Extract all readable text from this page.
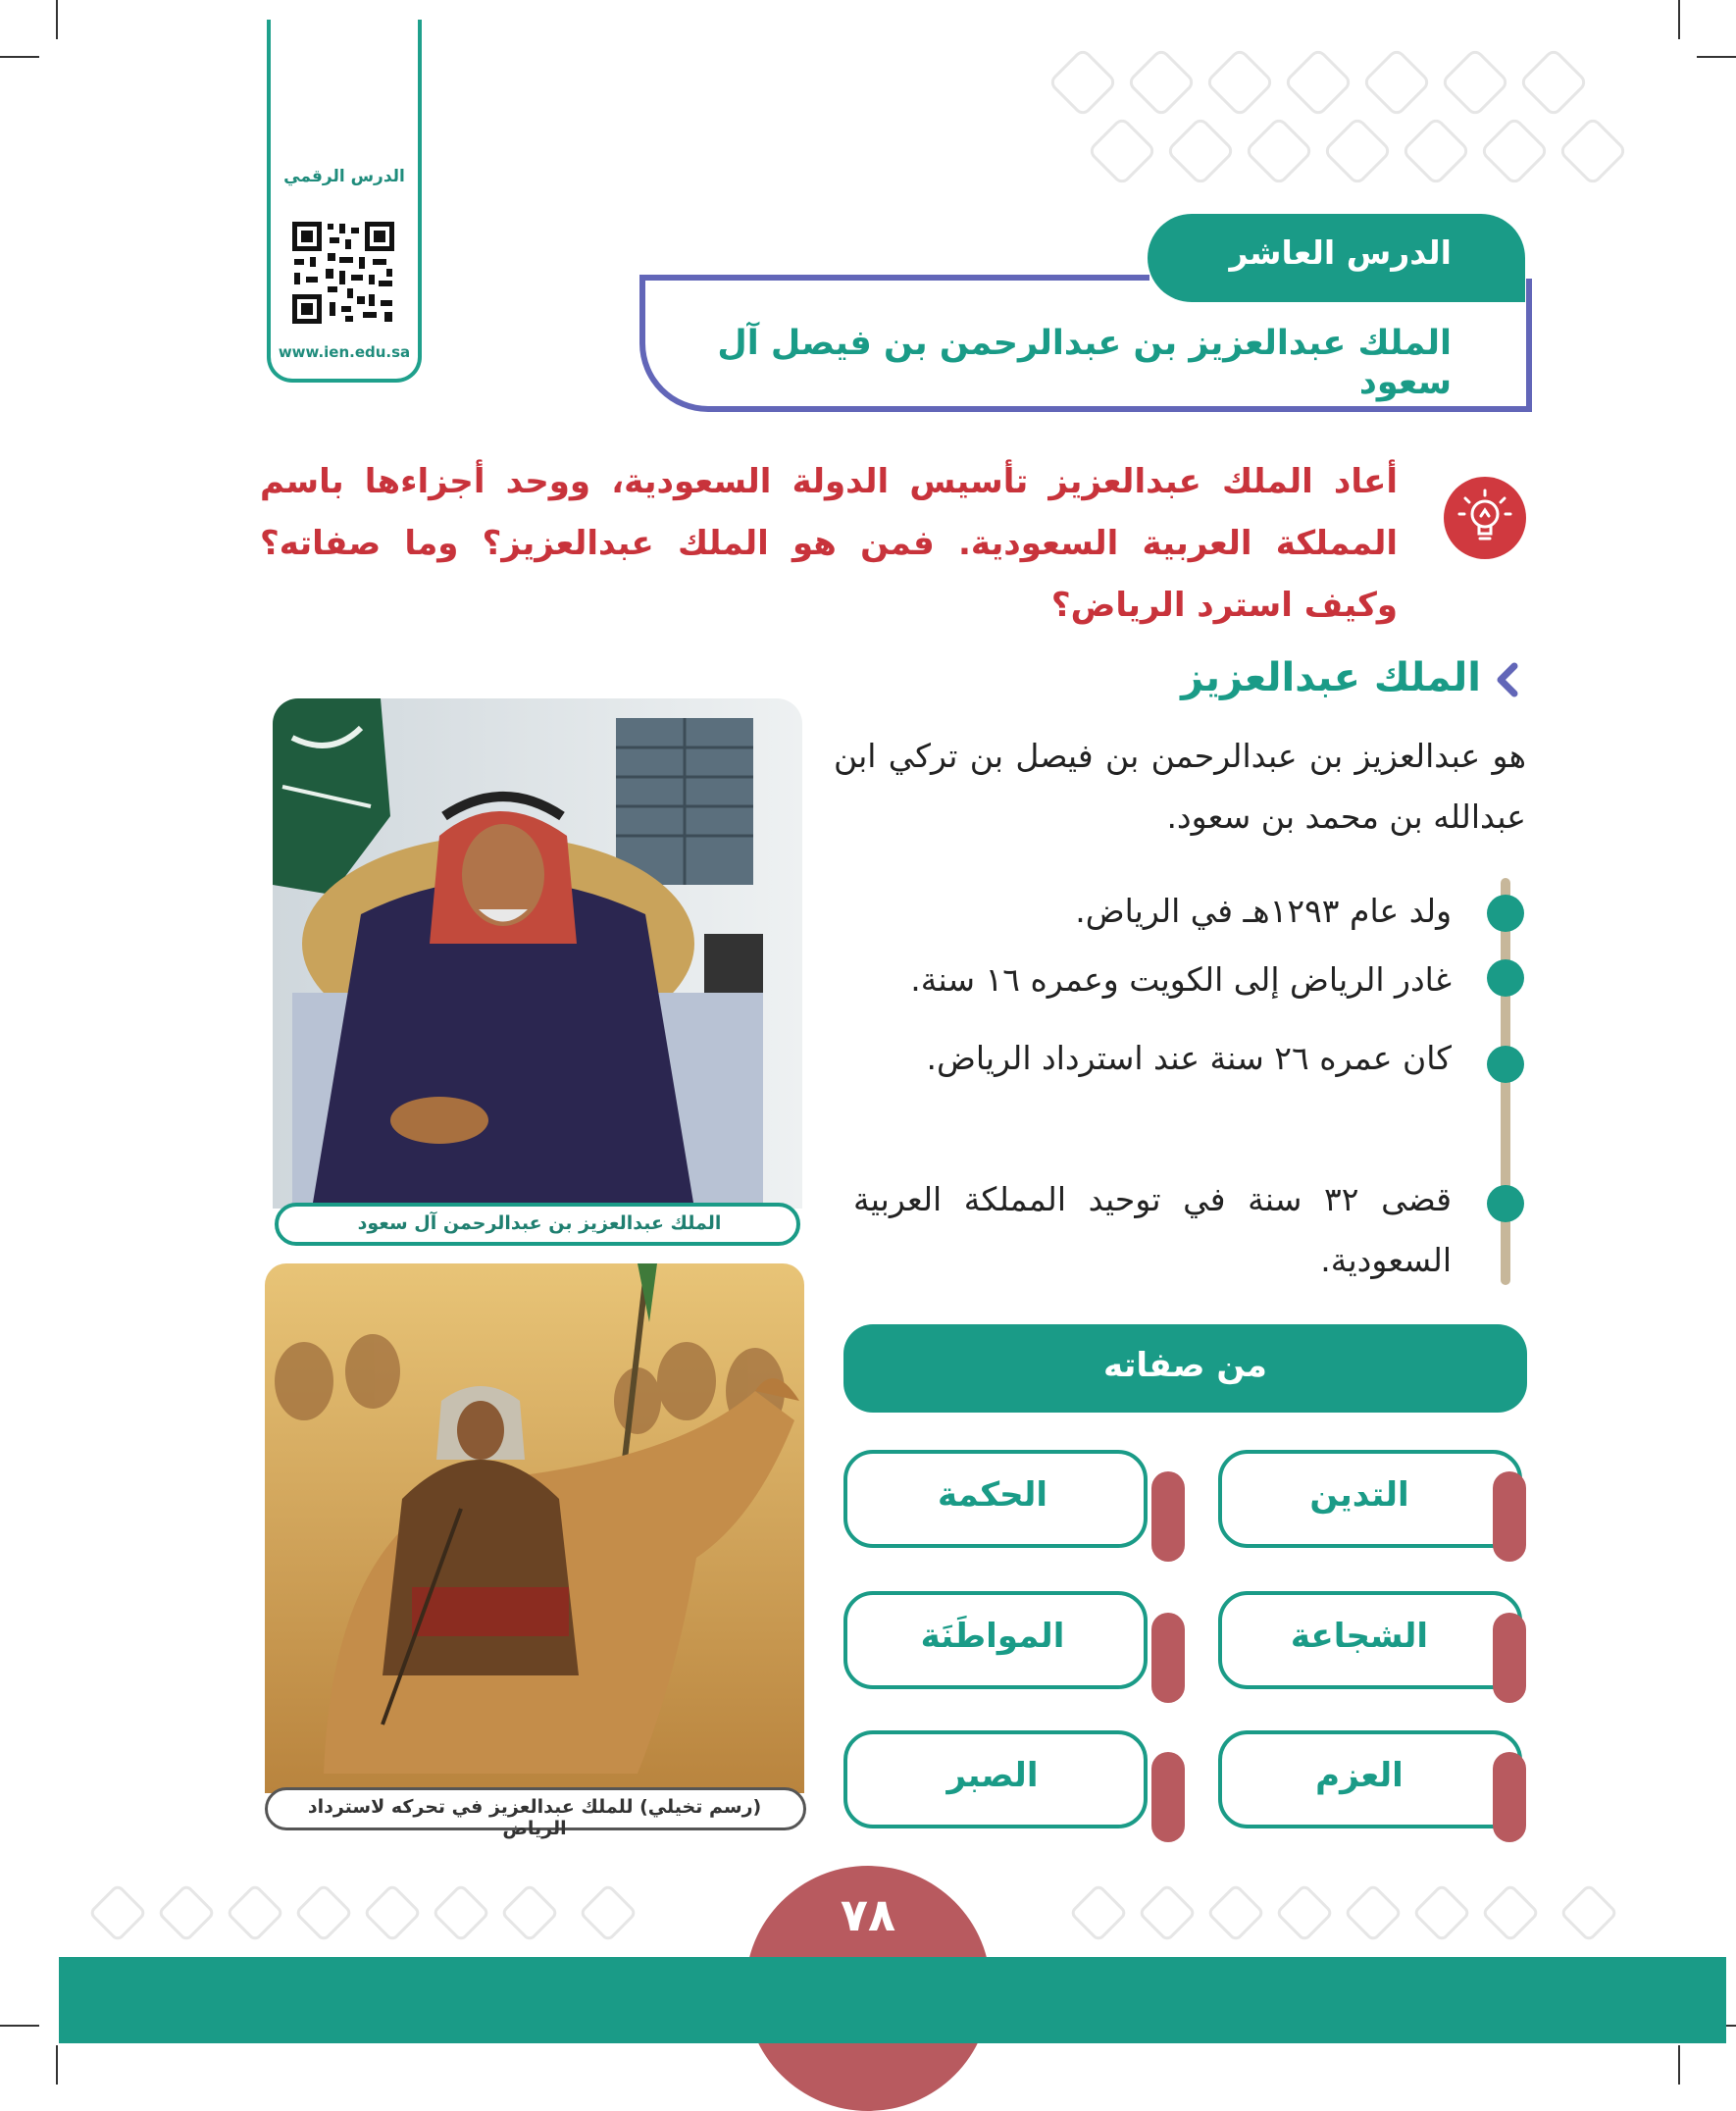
الدرس الرقمي
www.ien.edu.sa
الدرس العاشر
الملك عبدالعزيز بن عبدالرحمن بن فيصل آل سعود
أعاد الملك عبدالعزيز تأسيس الدولة السعودية، ووحد أجزاءها باسم المملكة العربية السعودية. فمن هو الملك عبدالعزيز؟ وما صفاته؟ وكيف استرد الرياض؟
الملك عبدالعزيز
هو عبدالعزيز بن عبدالرحمن بن فيصل بن تركي ابن عبدالله بن محمد بن سعود.
ولد عام ١٢٩٣هـ في الرياض.
غادر الرياض إلى الكويت وعمره ١٦ سنة.
كان عمره ٢٦ سنة عند استرداد الرياض.
قضى ٣٢ سنة في توحيد المملكة العربية السعودية.
الملك عبدالعزيز بن عبدالرحمن آل سعود
(رسم تخيلي) للملك عبدالعزيز في تحركه لاسترداد الرياض
من صفاته
التدين
الحكمة
الشجاعة
المواطَنَة
العزم
الصبر
٧٨
